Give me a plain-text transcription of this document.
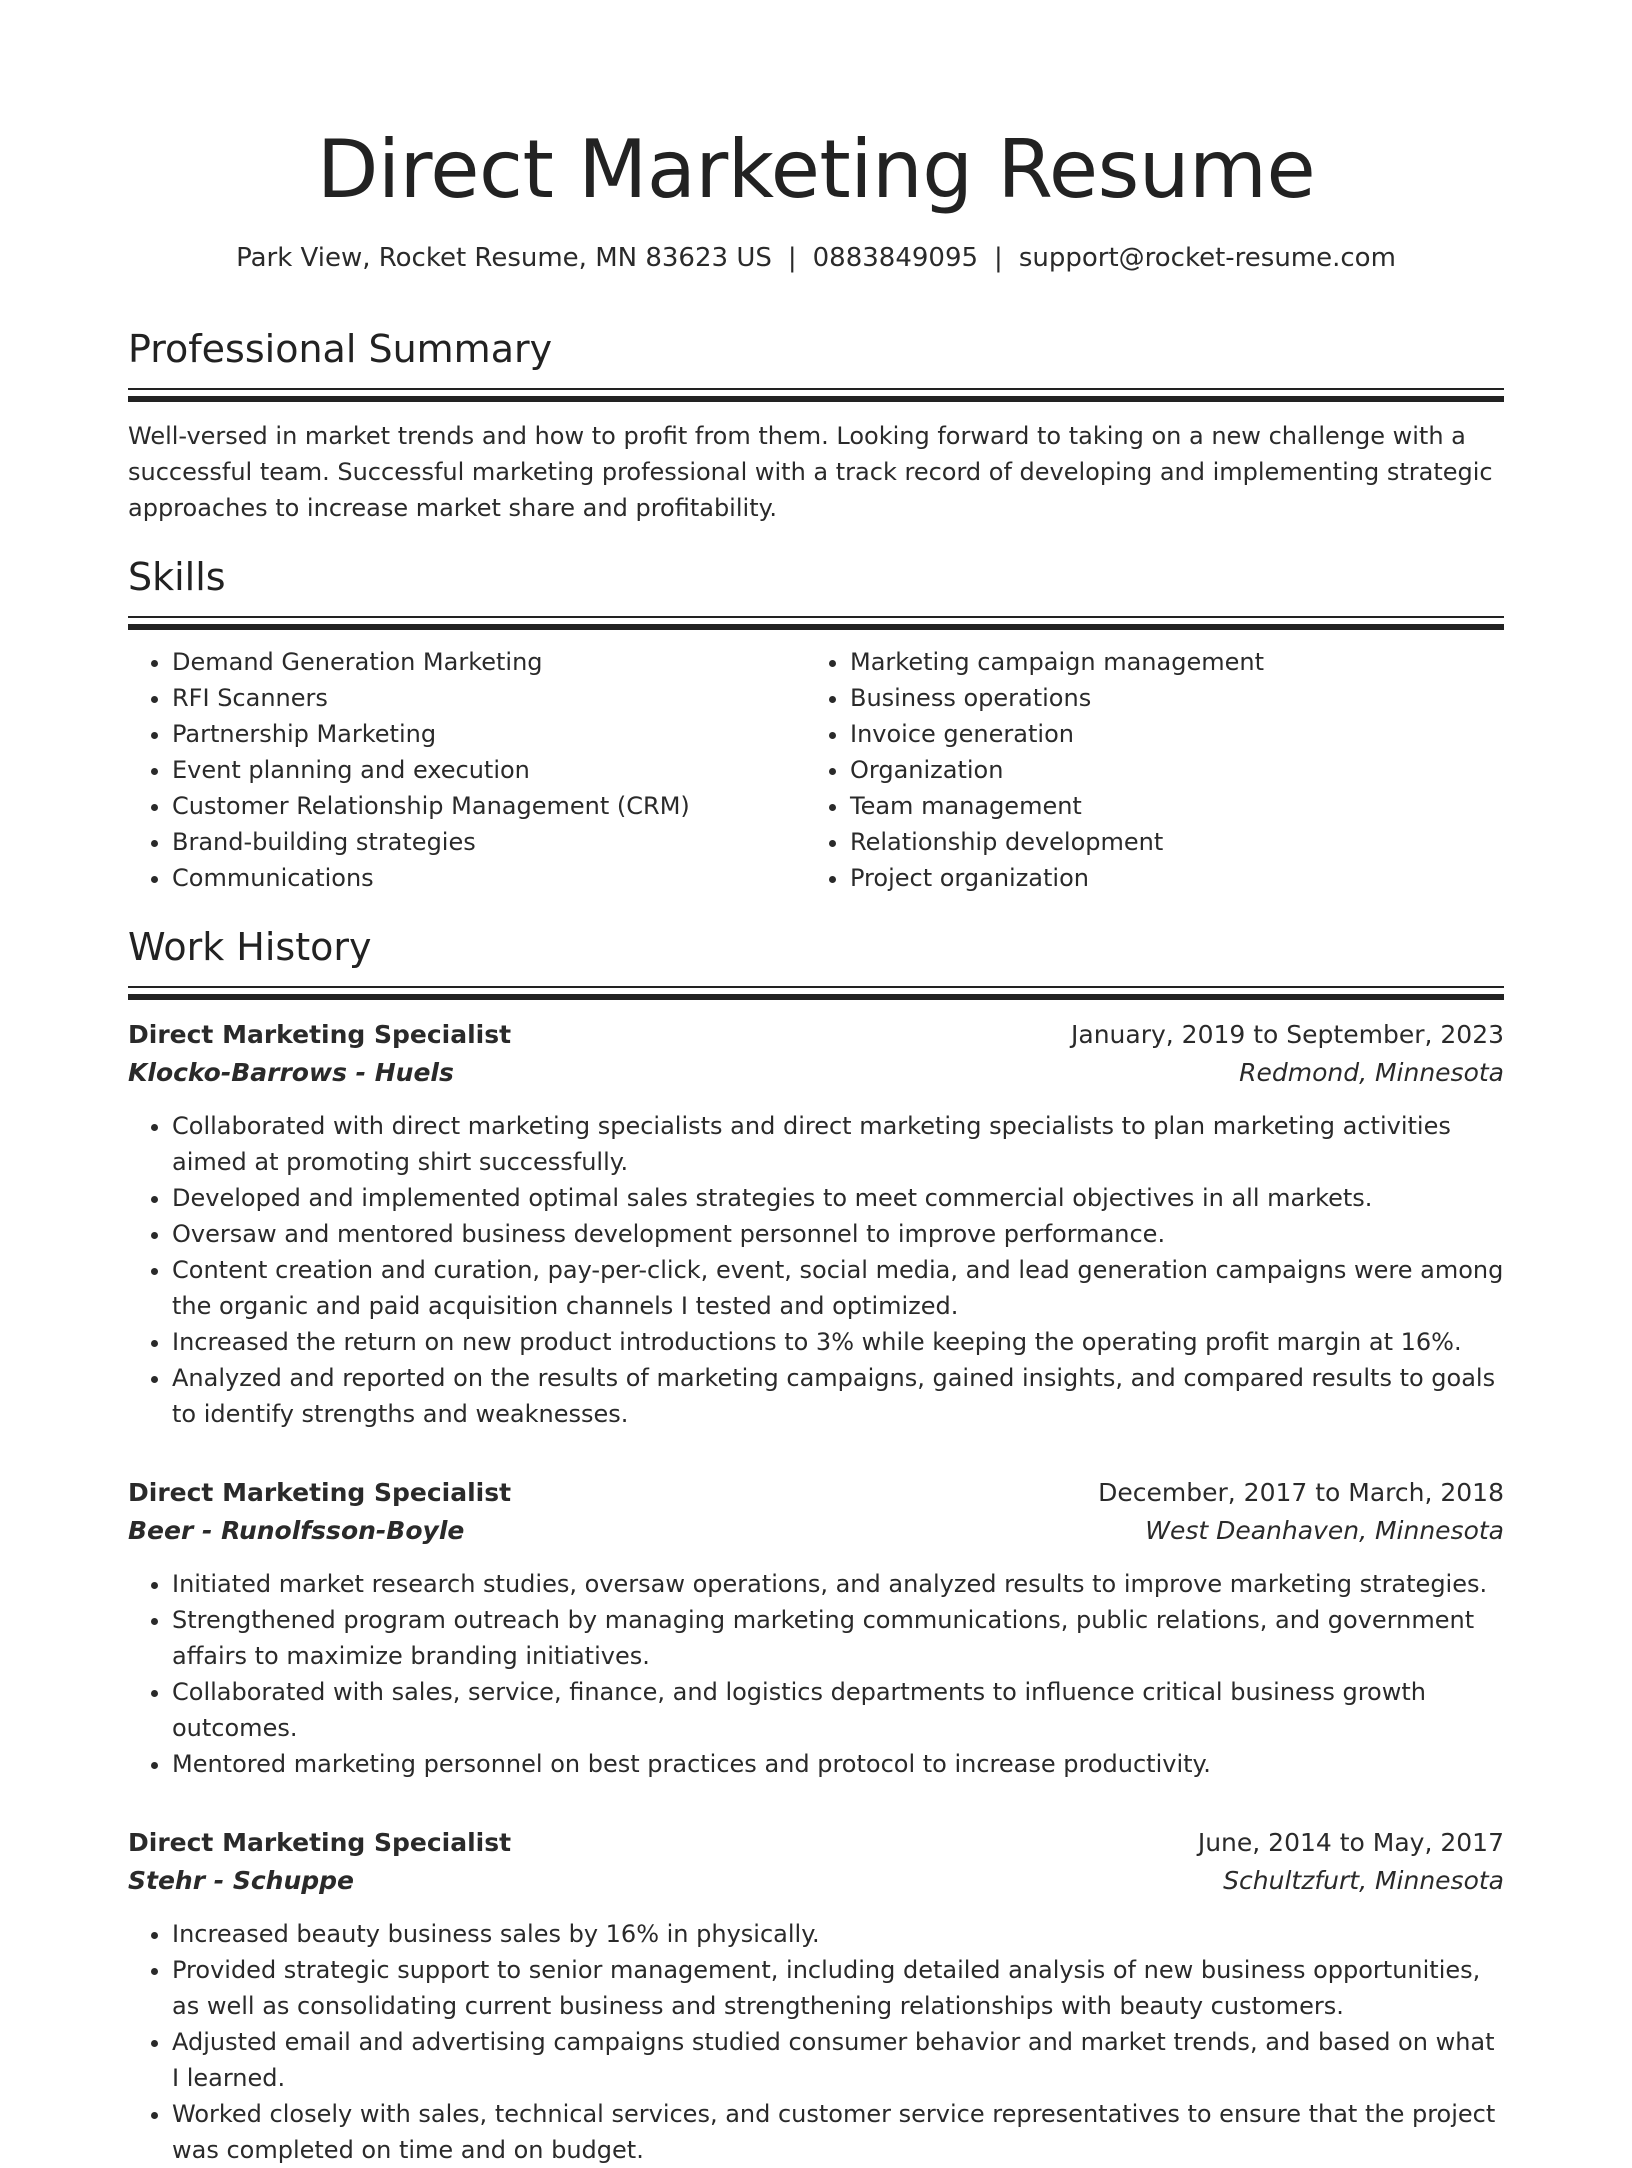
Direct Marketing Resume
Park View, Rocket Resume, MN 83623 US | 0883849095 | support@rocket-resume.com
Professional Summary

Well-versed in market trends and how to profit from them. Looking forward to taking on a new challenge with a successful team. Successful marketing professional with a track record of developing and implementing strategic approaches to increase market share and profitability.

Skills
• Demand Generation Marketing
• RFI Scanners
• Partnership Marketing
• Event planning and execution
• Customer Relationship Management (CRM)
• Brand-building strategies
• Communications
• Marketing campaign management
• Business operations
• Invoice generation
• Organization
• Team management
• Relationship development
• Project organization
Work History
Direct Marketing Specialist	January, 2019 to September, 2023
Klocko-Barrows - Huels	Redmond, Minnesota
• Collaborated with direct marketing specialists and direct marketing specialists to plan marketing activities aimed at promoting shirt successfully.
• Developed and implemented optimal sales strategies to meet commercial objectives in all markets.
• Oversaw and mentored business development personnel to improve performance.
• Content creation and curation, pay-per-click, event, social media, and lead generation campaigns were among the organic and paid acquisition channels I tested and optimized.
• Increased the return on new product introductions to 3% while keeping the operating profit margin at 16%.
• Analyzed and reported on the results of marketing campaigns, gained insights, and compared results to goals to identify strengths and weaknesses.
Direct Marketing Specialist	December, 2017 to March, 2018
Beer - Runolfsson-Boyle	West Deanhaven, Minnesota
• Initiated market research studies, oversaw operations, and analyzed results to improve marketing strategies.
• Strengthened program outreach by managing marketing communications, public relations, and government affairs to maximize branding initiatives.
• Collaborated with sales, service, finance, and logistics departments to influence critical business growth outcomes.
• Mentored marketing personnel on best practices and protocol to increase productivity.
Direct Marketing Specialist	June, 2014 to May, 2017
Stehr - Schuppe	Schultzfurt, Minnesota
• Increased beauty business sales by 16% in physically.
• Provided strategic support to senior management, including detailed analysis of new business opportunities, as well as consolidating current business and strengthening relationships with beauty customers.
• Adjusted email and advertising campaigns studied consumer behavior and market trends, and based on what I learned.
• Worked closely with sales, technical services, and customer service representatives to ensure that the project was completed on time and on budget.
